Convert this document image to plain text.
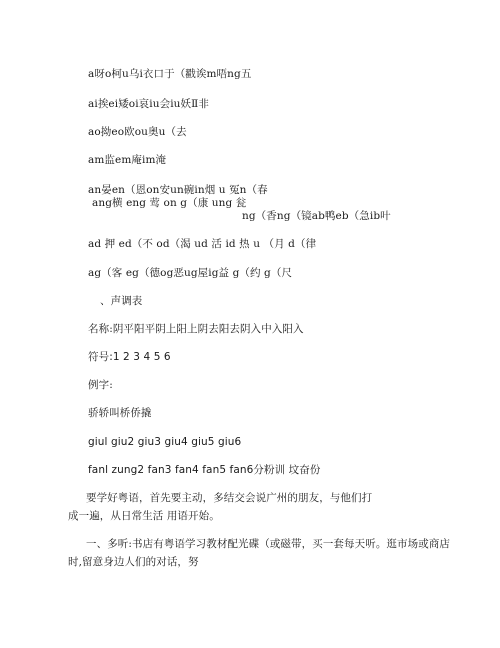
a呀o柯u乌i衣口于（戳诶m唔ng五
ai挨ei矮oi哀iu会iu妖Ⅱ非
ao拗eo欧ou奥u（去
am监em庵im淹
an晏en（恩on安un碗in烟 u 冤n（春
ang横 eng 莺 on g（康 ung 瓮
ng（香ng（镜ab鸭eb（急ib叶
ad 押 ed（不 od（渴 ud 活 id 热 u （月 d（律
ag（客 eg（德og恶ug屋ig益 g（约 g（尺
、声调表
名称:阴平阳平阴上阳上阴去阳去阴入中入阳入
符号:1 2 3 4 5 6
例字:
骄轿叫桥侨撬
giul giu2 giu3 giu4 giu5 giu6
fanl zung2 fan3 fan4 fan5 fan6分粉训 坟奋份
要学好粤语，首先要主动，多结交会说广州的朋友，与他们打
成一遍，从日常生活 用语开始。
一、多听:书店有粤语学习教材配光碟（或磁带，买一套每天听。逛市场或商店
时,留意身边人们的对话，努
